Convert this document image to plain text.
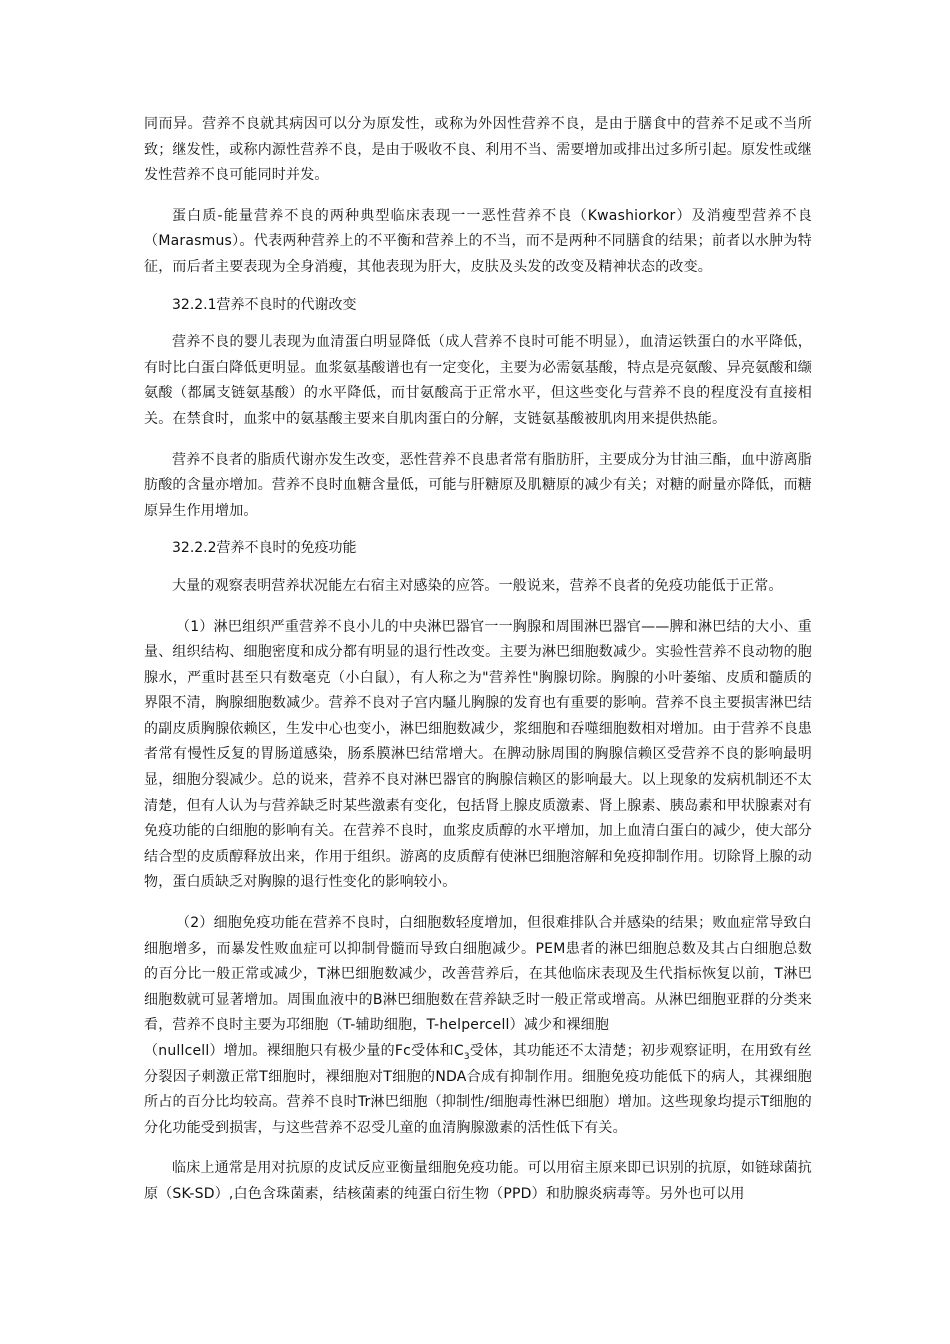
同而异。营养不良就其病因可以分为原发性，或称为外因性营养不良，是由于膳食中的营养不足或不当所致；继发性，或称内源性营养不良，是由于吸收不良、利用不当、需要增加或排出过多所引起。原发性或继发性营养不良可能同时并发。

蛋白质-能量营养不良的两种典型临床表现一一恶性营养不良（Kwashiorkor）及消瘦型营养不良（Marasmus）。代表两种营养上的不平衡和营养上的不当，而不是两种不同膳食的结果；前者以水肿为特征，而后者主要表现为全身消瘦，其他表现为肝大，皮肤及头发的改变及精神状态的改变。

32.2.1营养不良时的代谢改变

营养不良的婴儿表现为血清蛋白明显降低（成人营养不良时可能不明显），血清运铁蛋白的水平降低，有时比白蛋白降低更明显。血浆氨基酸谱也有一定变化，主要为必需氨基酸，特点是亮氨酸、异亮氨酸和缬氨酸（都属支链氨基酸）的水平降低，而甘氨酸高于正常水平，但这些变化与营养不良的程度没有直接相关。在禁食时，血浆中的氨基酸主要来自肌肉蛋白的分解，支链氨基酸被肌肉用来提供热能。

营养不良者的脂质代谢亦发生改变，恶性营养不良患者常有脂肪肝，主要成分为甘油三酯，血中游离脂肪酸的含量亦增加。营养不良时血糖含量低，可能与肝糖原及肌糖原的减少有关；对糖的耐量亦降低，而糖原异生作用增加。

32.2.2营养不良时的免疫功能

大量的观察表明营养状况能左右宿主对感染的应答。一般说来，营养不良者的免疫功能低于正常。

（1）淋巴组织严重营养不良小儿的中央淋巴器官一一胸腺和周围淋巴器官——脾和淋巴结的大小、重量、组织结构、细胞密度和成分都有明显的退行性改变。主要为淋巴细胞数减少。实验性营养不良动物的胞腺水，严重时甚至只有数毫克（小白鼠），有人称之为"营养性"胸腺切除。胸腺的小叶萎缩、皮质和髓质的界限不清，胸腺细胞数减少。营养不良对子宫内騷儿胸腺的发育也有重要的影响。营养不良主要损害淋巴结的副皮质胸腺依赖区，生发中心也变小，淋巴细胞数减少，浆细胞和吞噬细胞数相对增加。由于营养不良患者常有慢性反复的胃肠道感染，肠系膜淋巴结常增大。在脾动脉周围的胸腺信赖区受营养不良的影响最明显，细胞分裂减少。总的说来，营养不良对淋巴器官的胸腺信赖区的影响最大。以上现象的发病机制还不太清楚，但有人认为与营养缺乏时某些激素有变化，包括肾上腺皮质激素、肾上腺素、胰岛素和甲状腺素对有免疫功能的白细胞的影响有关。在营养不良时，血浆皮质醇的水平增加，加上血清白蛋白的减少，使大部分结合型的皮质醇释放出来，作用于组织。游离的皮质醇有使淋巴细胞溶解和免疫抑制作用。切除肾上腺的动物，蛋白质缺乏对胸腺的退行性变化的影响较小。

（2）细胞免疫功能在营养不良时，白细胞数轻度增加，但很难排队合并感染的结果；败血症常导致白细胞增多，而暴发性败血症可以抑制骨髓而导致白细胞减少。PEM患者的淋巴细胞总数及其占白细胞总数的百分比一般正常或减少，T淋巴细胞数减少，改善营养后，在其他临床表现及生代指标恢复以前，T淋巴细胞数就可显著增加。周围血液中的B淋巴细胞数在营养缺乏时一般正常或增高。从淋巴细胞亚群的分类来看，营养不良时主要为邛细胞（T-辅助细胞，T-helpercell）减少和裸细胞

（nullcell）增加。裸细胞只有极少量的Fc受体和$C_3$受体，其功能还不太清楚；初步观察证明，在用致有丝分裂因子刺激正常T细胞时，裸细胞对T细胞的NDA合成有抑制作用。细胞免疫功能低下的病人，其裸细胞所占的百分比均较高。营养不良时Tr淋巴细胞（抑制性/细胞毒性淋巴细胞）增加。这些现象均提示T细胞的分化功能受到损害，与这些营养不忍受儿童的血清胸腺激素的活性低下有关。

临床上通常是用对抗原的皮试反应亚衡量细胞免疫功能。可以用宿主原来即已识别的抗原，如链球菌抗原（SK-SD）,白色含珠菌素，结核菌素的纯蛋白衍生物（PPD）和肋腺炎病毒等。另外也可以用
